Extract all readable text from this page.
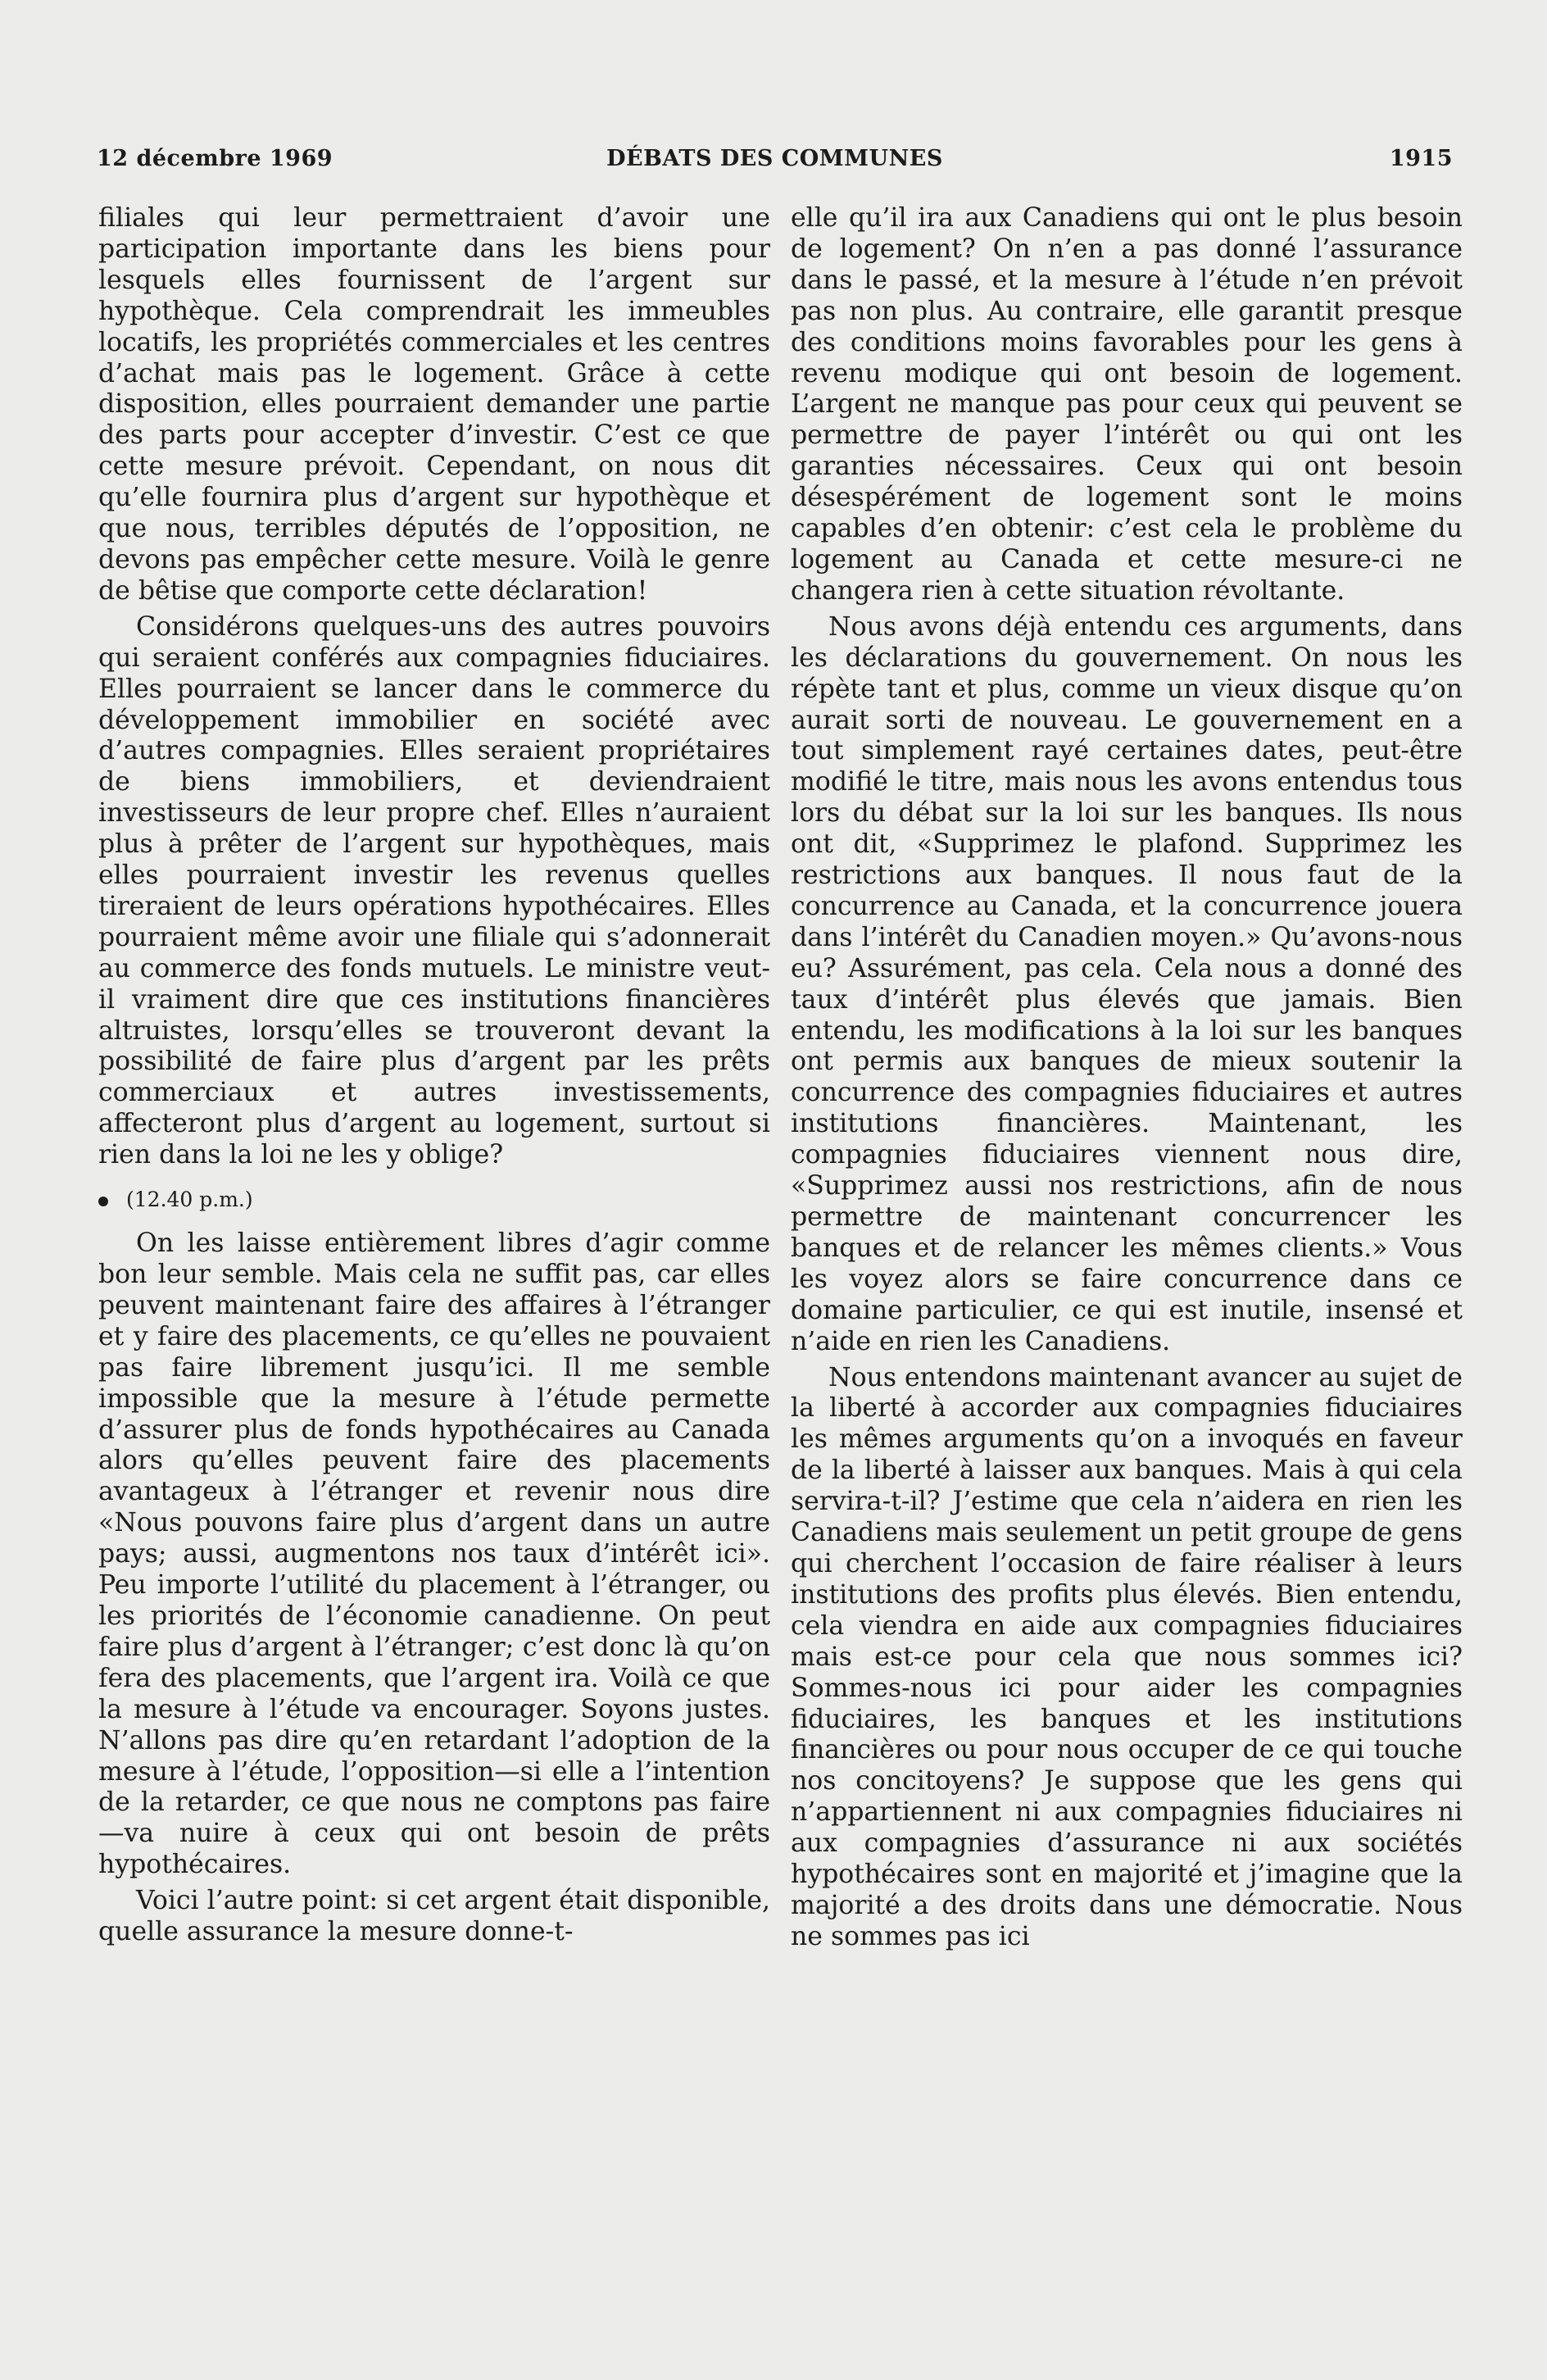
12 décembre 1969	DÉBATS DES COMMUNES	1915

filiales qui leur permettraient d’avoir une participation importante dans les biens pour lesquels elles fournissent de l’argent sur hypothèque. Cela comprendrait les immeubles locatifs, les propriétés commerciales et les centres d’achat mais pas le logement. Grâce à cette disposition, elles pourraient demander une partie des parts pour accepter d’investir. C’est ce que cette mesure prévoit. Cependant, on nous dit qu’elle fournira plus d’argent sur hypothèque et que nous, terribles députés de l’opposition, ne devons pas empêcher cette mesure. Voilà le genre de bêtise que comporte cette déclaration!

Considérons quelques-uns des autres pouvoirs qui seraient conférés aux compagnies fiduciaires. Elles pourraient se lancer dans le commerce du développement immobilier en société avec d’autres compagnies. Elles seraient propriétaires de biens immobiliers, et deviendraient investisseurs de leur propre chef. Elles n’auraient plus à prêter de l’argent sur hypothèques, mais elles pourraient investir les revenus quelles tireraient de leurs opérations hypothécaires. Elles pourraient même avoir une filiale qui s’adonnerait au commerce des fonds mutuels. Le ministre veut-il vraiment dire que ces institutions financières altruistes, lorsqu’elles se trouveront devant la possibilité de faire plus d’argent par les prêts commerciaux et autres investissements, affecteront plus d’argent au logement, surtout si rien dans la loi ne les y oblige?

(12.40 p.m.)

On les laisse entièrement libres d’agir comme bon leur semble. Mais cela ne suffit pas, car elles peuvent maintenant faire des affaires à l’étranger et y faire des placements, ce qu’elles ne pouvaient pas faire librement jusqu’ici. Il me semble impossible que la mesure à l’étude permette d’assurer plus de fonds hypothécaires au Canada alors qu’elles peuvent faire des placements avantageux à l’étranger et revenir nous dire «Nous pouvons faire plus d’argent dans un autre pays; aussi, augmentons nos taux d’intérêt ici». Peu importe l’utilité du placement à l’étranger, ou les priorités de l’économie canadienne. On peut faire plus d’argent à l’étranger; c’est donc là qu’on fera des placements, que l’argent ira. Voilà ce que la mesure à l’étude va encourager. Soyons justes. N’allons pas dire qu’en retardant l’adoption de la mesure à l’étude, l’opposition—si elle a l’intention de la retarder, ce que nous ne comptons pas faire—va nuire à ceux qui ont besoin de prêts hypothécaires.

Voici l’autre point: si cet argent était disponible, quelle assurance la mesure donne-t-

elle qu’il ira aux Canadiens qui ont le plus besoin de logement? On n’en a pas donné l’assurance dans le passé, et la mesure à l’étude n’en prévoit pas non plus. Au contraire, elle garantit presque des conditions moins favorables pour les gens à revenu modique qui ont besoin de logement. L’argent ne manque pas pour ceux qui peuvent se permettre de payer l’intérêt ou qui ont les garanties nécessaires. Ceux qui ont besoin désespérément de logement sont le moins capables d’en obtenir: c’est cela le problème du logement au Canada et cette mesure-ci ne changera rien à cette situation révoltante.

Nous avons déjà entendu ces arguments, dans les déclarations du gouvernement. On nous les répète tant et plus, comme un vieux disque qu’on aurait sorti de nouveau. Le gouvernement en a tout simplement rayé certaines dates, peut-être modifié le titre, mais nous les avons entendus tous lors du débat sur la loi sur les banques. Ils nous ont dit, «Supprimez le plafond. Supprimez les restrictions aux banques. Il nous faut de la concurrence au Canada, et la concurrence jouera dans l’intérêt du Canadien moyen.» Qu’avons-nous eu? Assurément, pas cela. Cela nous a donné des taux d’intérêt plus élevés que jamais. Bien entendu, les modifications à la loi sur les banques ont permis aux banques de mieux soutenir la concurrence des compagnies fiduciaires et autres institutions financières. Maintenant, les compagnies fiduciaires viennent nous dire, «Supprimez aussi nos restrictions, afin de nous permettre de maintenant concurrencer les banques et de relancer les mêmes clients.» Vous les voyez alors se faire concurrence dans ce domaine particulier, ce qui est inutile, insensé et n’aide en rien les Canadiens.

Nous entendons maintenant avancer au sujet de la liberté à accorder aux compagnies fiduciaires les mêmes arguments qu’on a invoqués en faveur de la liberté à laisser aux banques. Mais à qui cela servira-t-il? J’estime que cela n’aidera en rien les Canadiens mais seulement un petit groupe de gens qui cherchent l’occasion de faire réaliser à leurs institutions des profits plus élevés. Bien entendu, cela viendra en aide aux compagnies fiduciaires mais est-ce pour cela que nous sommes ici? Sommes-nous ici pour aider les compagnies fiduciaires, les banques et les institutions financières ou pour nous occuper de ce qui touche nos concitoyens? Je suppose que les gens qui n’appartiennent ni aux compagnies fiduciaires ni aux compagnies d’assurance ni aux sociétés hypothécaires sont en majorité et j’imagine que la majorité a des droits dans une démocratie. Nous ne sommes pas ici
